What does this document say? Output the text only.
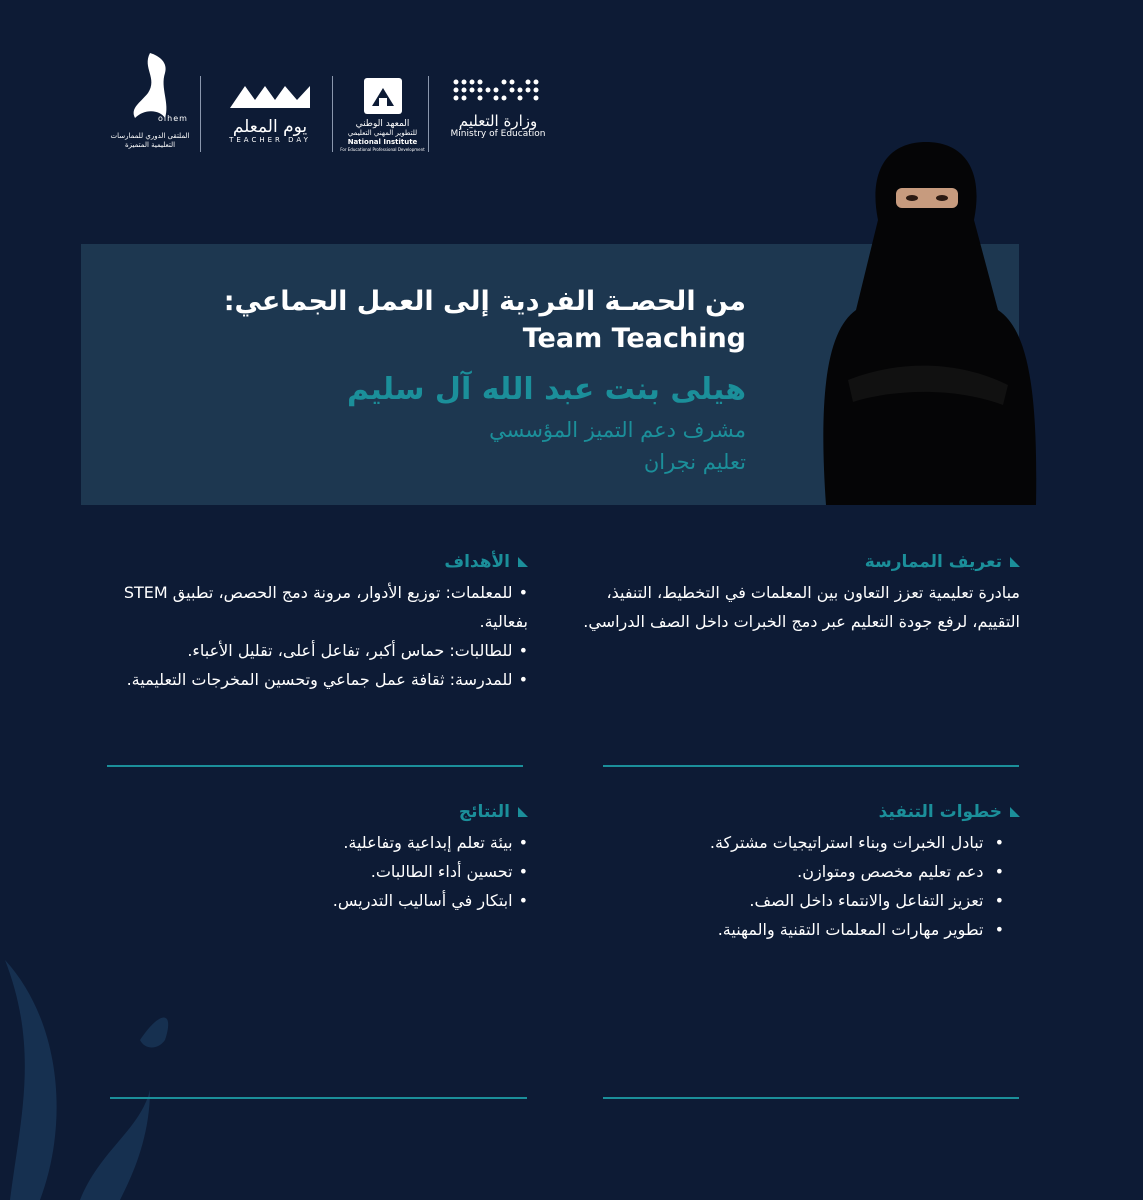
olhem
الملتقى الدوري للممارسات
التعليمية المتميزة
يوم المعلم
TEACHER DAY
المعهد الوطني
للتطوير المهني التعليمي
National Institute
For Educational Professional Development
وزارة التعليم
Ministry of Education
من الحصـة الفردية إلى العمل الجماعي:
Team Teaching
هيلى بنت عبد الله آل سليم
مشرف دعم التميز المؤسسي
تعليم نجران
تعريف الممارسة

مبادرة تعليمية تعزز التعاون بين المعلمات في التخطيط، التنفيذ، التقييم، لرفع جودة التعليم عبر دمج الخبرات داخل الصف الدراسي.

الأهداف
•للمعلمات: توزيع الأدوار، مرونة دمج الحصص، تطبيق STEM بفعالية.
•للطالبات: حماس أكبر، تفاعل أعلى، تقليل الأعباء.
•للمدرسة: ثقافة عمل جماعي وتحسين المخرجات التعليمية.
خطوات التنفيذ
• تبادل الخبرات وبناء استراتيجيات مشتركة.
• دعم تعليم مخصص ومتوازن.
• تعزيز التفاعل والانتماء داخل الصف.
• تطوير مهارات المعلمات التقنية والمهنية.
النتائج
•بيئة تعلم إبداعية وتفاعلية.
•تحسين أداء الطالبات.
•ابتكار في أساليب التدريس.
